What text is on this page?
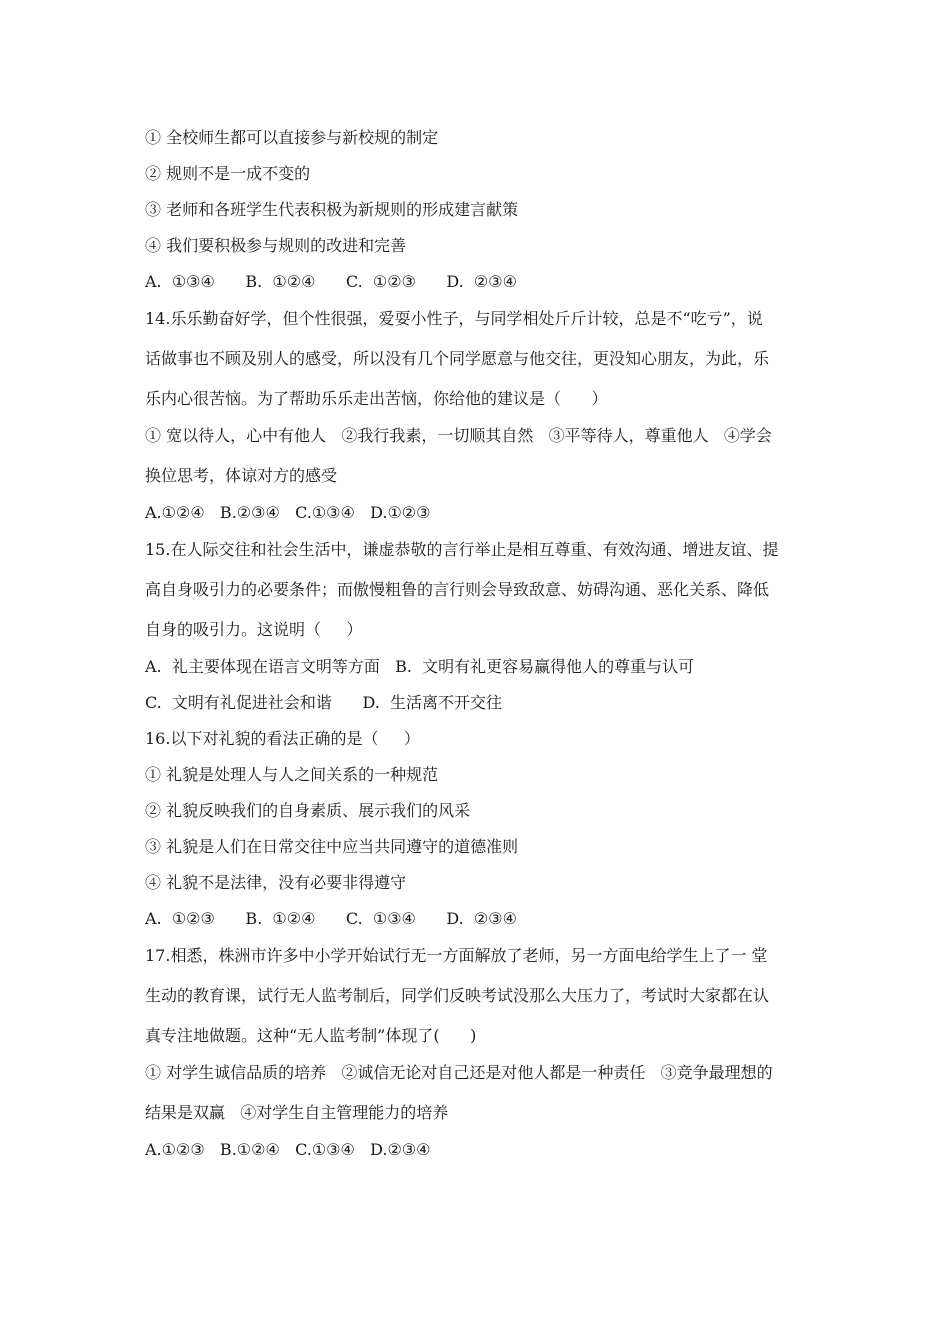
① 全校师生都可以直接参与新校规的制定
② 规则不是一成不变的
③ 老师和各班学生代表积极为新规则的形成建言献策
④ 我们要积极参与规则的改进和完善
A.  ①③④      B.  ①②④      C.  ①②③      D.  ②③④
14.乐乐勤奋好学，但个性很强，爱耍小性子，与同学相处斤斤计较，总是不“吃亏”，说
话做事也不顾及别人的感受，所以没有几个同学愿意与他交往，更没知心朋友，为此，乐
乐内心很苦恼。为了帮助乐乐走出苦恼，你给他的建议是（      ）
① 宽以待人，心中有他人   ②我行我素，一切顺其自然   ③平等待人，尊重他人   ④学会
换位思考，体谅对方的感受
A.①②④   B.②③④   C.①③④   D.①②③
15.在人际交往和社会生活中，谦虚恭敬的言行举止是相互尊重、有效沟通、增进友谊、提
高自身吸引力的必要条件；而傲慢粗鲁的言行则会导致敌意、妨碍沟通、恶化关系、降低
自身的吸引力。这说明（     ）
A.  礼主要体现在语言文明等方面   B.  文明有礼更容易赢得他人的尊重与认可
C.  文明有礼促进社会和谐      D.  生活离不开交往
16.以下对礼貌的看法正确的是（     ）
① 礼貌是处理人与人之间关系的一种规范
② 礼貌反映我们的自身素质、展示我们的风采
③ 礼貌是人们在日常交往中应当共同遵守的道德准则
④ 礼貌不是法律，没有必要非得遵守
A.  ①②③      B.  ①②④      C.  ①③④      D.  ②③④
17.相悉，株洲市许多中小学开始试行无一方面解放了老师，另一方面电给学生上了一 堂
生动的教育课，试行无人监考制后，同学们反映考试没那么大压力了，考试时大家都在认
真专注地做题。这种“无人监考制”体现了(      )
① 对学生诚信品质的培养   ②诚信无论对自己还是对他人都是一种责任   ③竞争最理想的
结果是双赢   ④对学生自主管理能力的培养
A.①②③   B.①②④   C.①③④   D.②③④
